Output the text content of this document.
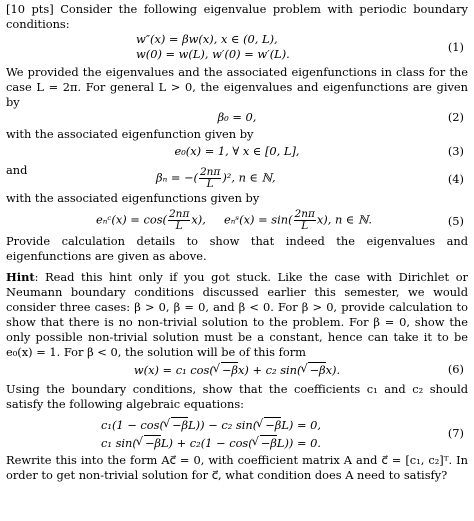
[10 pts] Consider the following eigenvalue problem with periodic boundary conditions:

w″(x) = βw(x), x ∈ (0, L),
w(0) = w(L), w′(0) = w′(L).	(1)

We provided the eigenvalues and the associated eigenfunctions in class for the case L = 2π. For general L > 0, the eigenvalues and eigenfunctions are given by

β₀ = 0,	(2)

with the associated eigenfunction given by

e₀(x) = 1, ∀ x ∈ [0, L],	(3)
and
βₙ = −( $\frac{2n\pi}{L} )^2$, n ∈ ℕ,	(4)

with the associated eigenfunctions given by

eₙᶜ(x) = $\cos( \frac{2n\pi}{L} x)$, eₙˢ(x) = $\sin( \frac{2n\pi}{L} x)$, n ∈ ℕ.	(5)

Provide calculation details to show that indeed the eigenvalues and eigenfunctions are given as above.

Hint: Read this hint only if you got stuck. Like the case with Dirichlet or Neumann boundary conditions discussed earlier this semester, we would consider three cases: β > 0, β = 0, and β < 0. For β > 0, provide calculation to show that there is no non-trivial solution to the problem. For β = 0, show the only possible non-trivial solution must be a constant, hence can take it to be e₀(x) = 1. For β < 0, the solution will be of this form

w(x) = c₁ cos( √ −βx) + c₂ sin( √ −βx).	(6)

Using the boundary conditions, show that the coefficients c₁ and c₂ should satisfy the following algebraic equations:

c₁(1 − cos( √ −βL)) − c₂ sin( √ −βL) = 0,
c₁ sin( √ −βL) + c₂(1 − cos( √ −βL)) = 0.
(7)

Rewrite this into the form Ac⃗ = 0, with coefficient matrix A and c⃗ = [c₁, c₂]ᵀ. In order to get non-trivial solution for c⃗, what condition does A need to satisfy?
